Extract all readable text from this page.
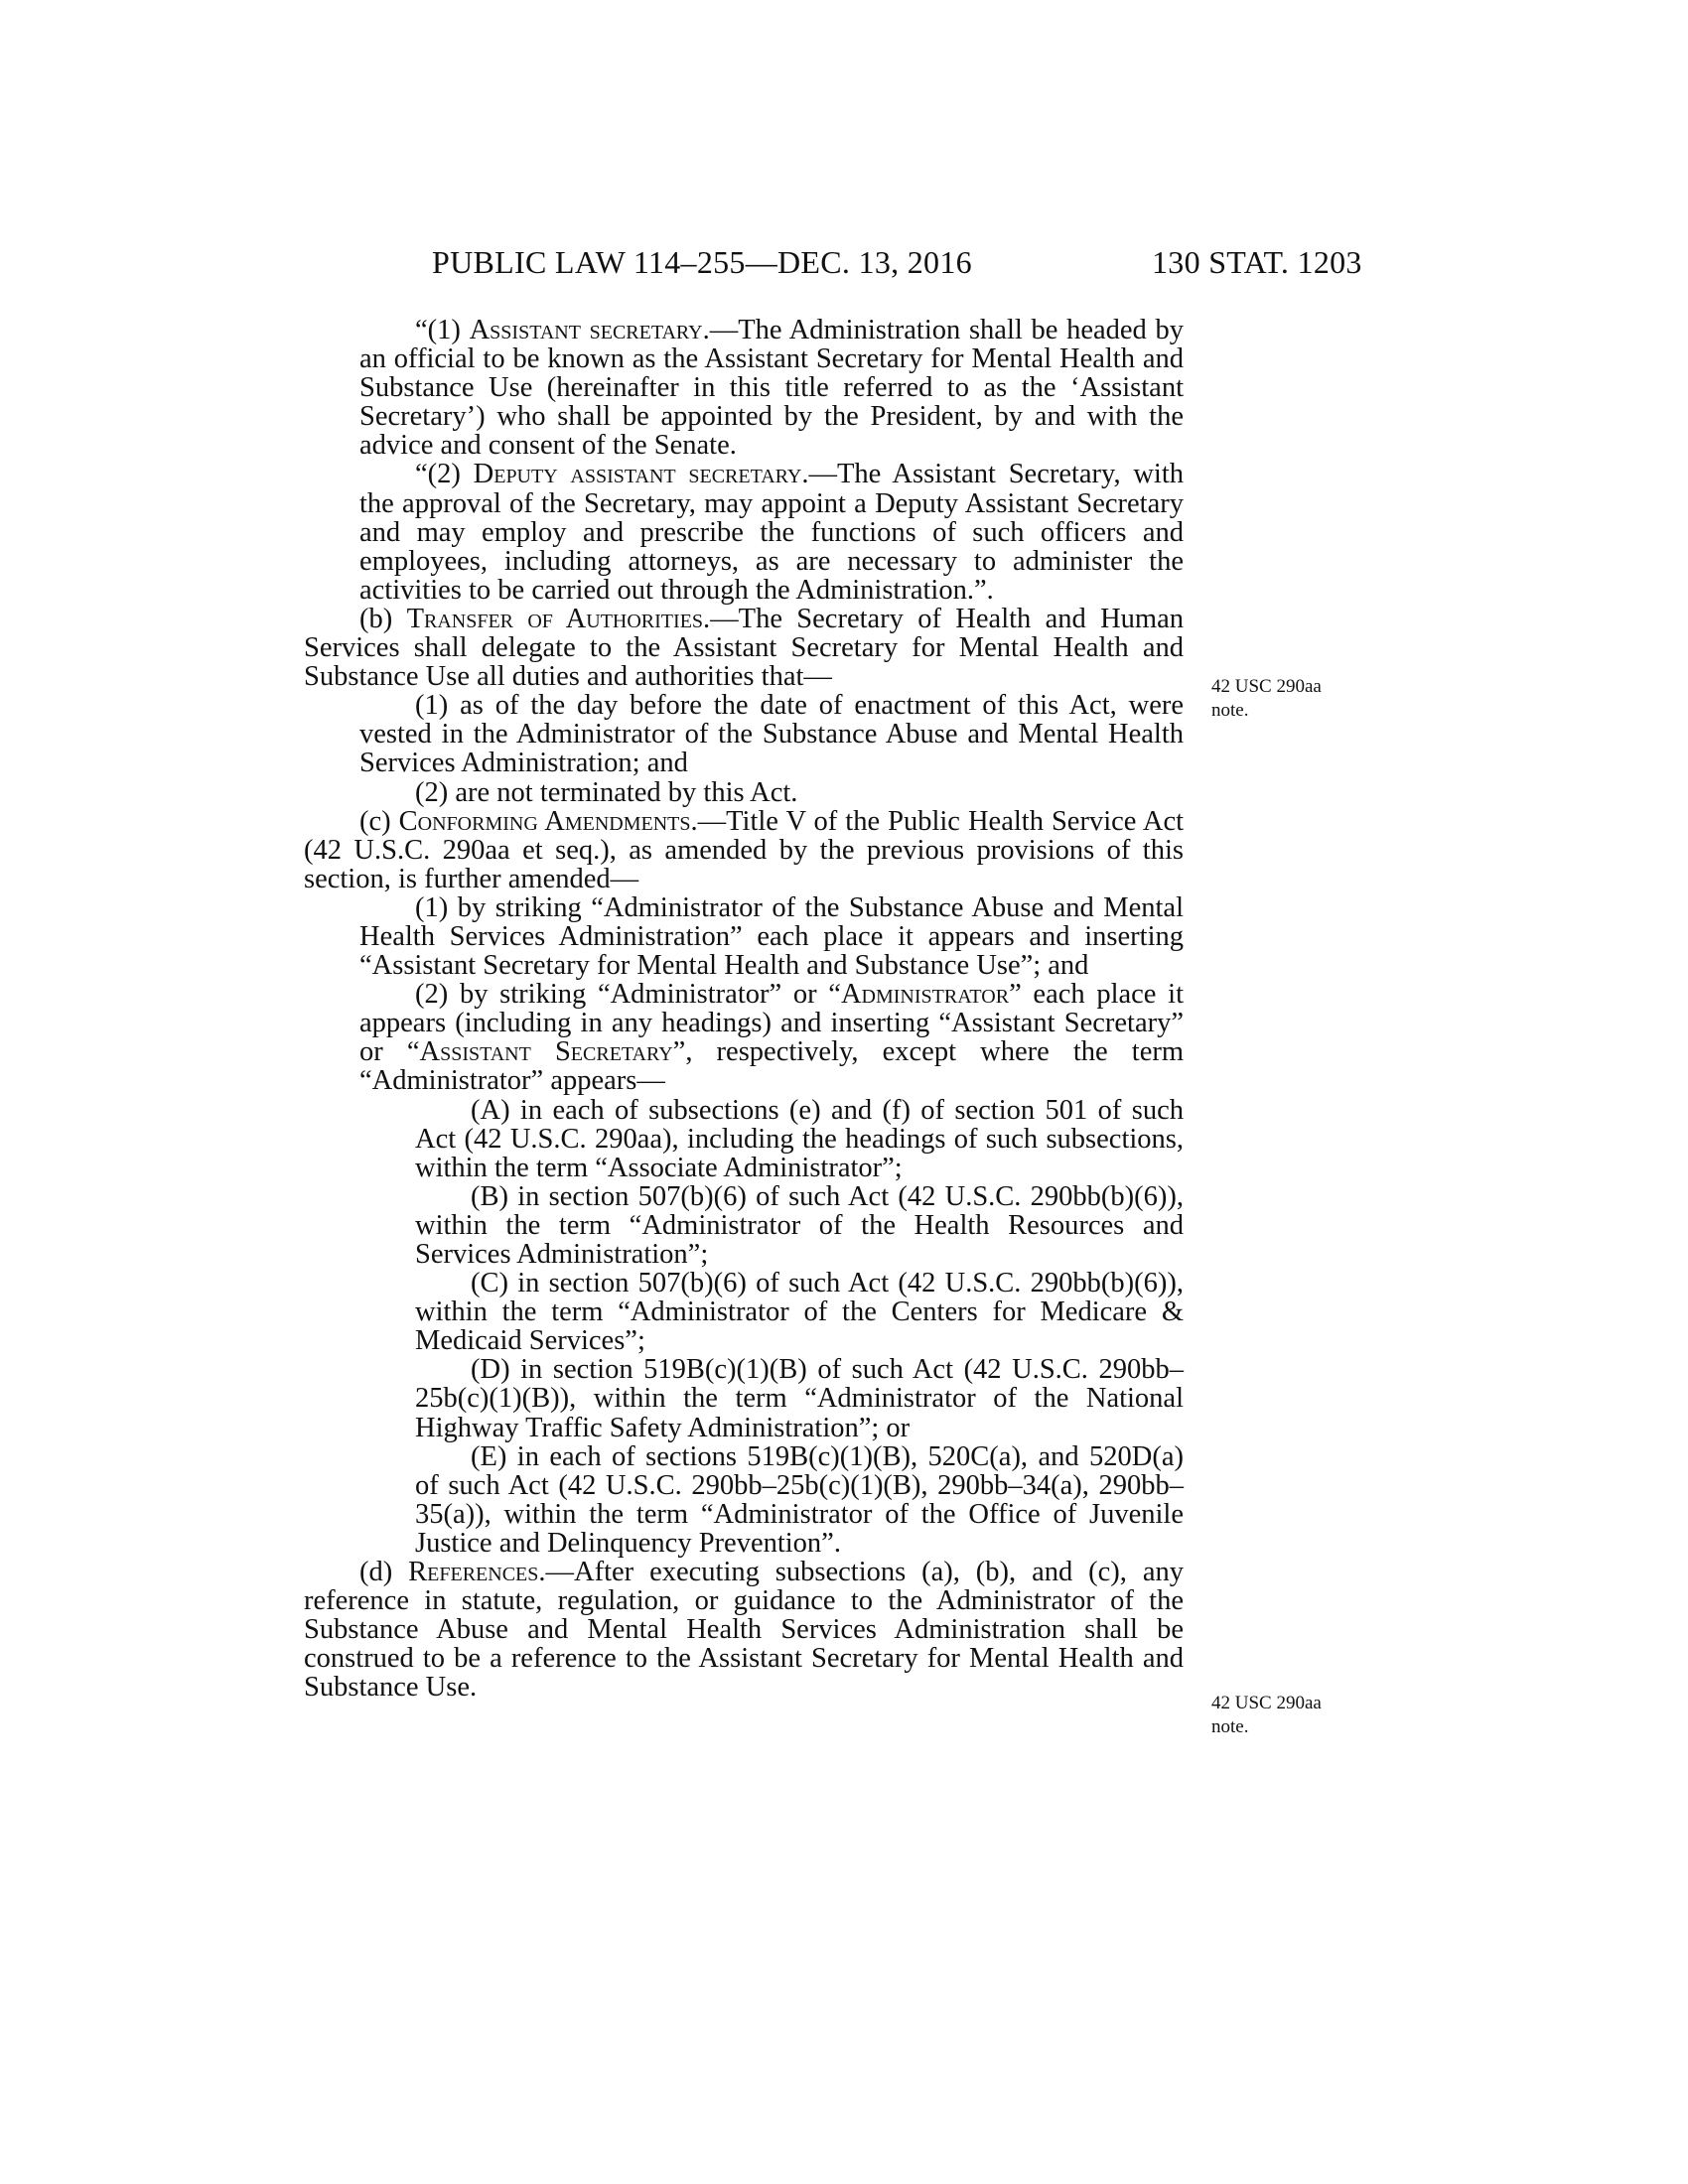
PUBLIC LAW 114–255—DEC. 13, 2016	130 STAT. 1203

“(1) Assistant secretary.—The Administration shall be headed by an official to be known as the Assistant Secretary for Mental Health and Substance Use (hereinafter in this title referred to as the ‘Assistant Secretary’) who shall be appointed by the President, by and with the advice and consent of the Senate.

“(2) Deputy assistant secretary.—The Assistant Secretary, with the approval of the Secretary, may appoint a Deputy Assistant Secretary and may employ and prescribe the functions of such officers and employees, including attorneys, as are necessary to administer the activities to be carried out through the Administration.”.

(b) Transfer of Authorities.—The Secretary of Health and Human Services shall delegate to the Assistant Secretary for Mental Health and Substance Use all duties and authorities that—

(1) as of the day before the date of enactment of this Act, were vested in the Administrator of the Substance Abuse and Mental Health Services Administration; and

(2) are not terminated by this Act.

(c) Conforming Amendments.—Title V of the Public Health Service Act (42 U.S.C. 290aa et seq.), as amended by the previous provisions of this section, is further amended—

(1) by striking “Administrator of the Substance Abuse and Mental Health Services Administration” each place it appears and inserting “Assistant Secretary for Mental Health and Substance Use”; and

(2) by striking “Administrator” or “Administrator” each place it appears (including in any headings) and inserting “Assistant Secretary” or “Assistant Secretary”, respectively, except where the term “Administrator” appears—

(A) in each of subsections (e) and (f) of section 501 of such Act (42 U.S.C. 290aa), including the headings of such subsections, within the term “Associate Administrator”;

(B) in section 507(b)(6) of such Act (42 U.S.C. 290bb(b)(6)), within the term “Administrator of the Health Resources and Services Administration”;

(C) in section 507(b)(6) of such Act (42 U.S.C. 290bb(b)(6)), within the term “Administrator of the Centers for Medicare & Medicaid Services”;

(D) in section 519B(c)(1)(B) of such Act (42 U.S.C. 290bb–25b(c)(1)(B)), within the term “Administrator of the National Highway Traffic Safety Administration”; or

(E) in each of sections 519B(c)(1)(B), 520C(a), and 520D(a) of such Act (42 U.S.C. 290bb–25b(c)(1)(B), 290bb–34(a), 290bb–35(a)), within the term “Administrator of the Office of Juvenile Justice and Delinquency Prevention”.

(d) References.—After executing subsections (a), (b), and (c), any reference in statute, regulation, or guidance to the Administrator of the Substance Abuse and Mental Health Services Administration shall be construed to be a reference to the Assistant Secretary for Mental Health and Substance Use.

42 USC 290aa note.
42 USC 290aa note.
